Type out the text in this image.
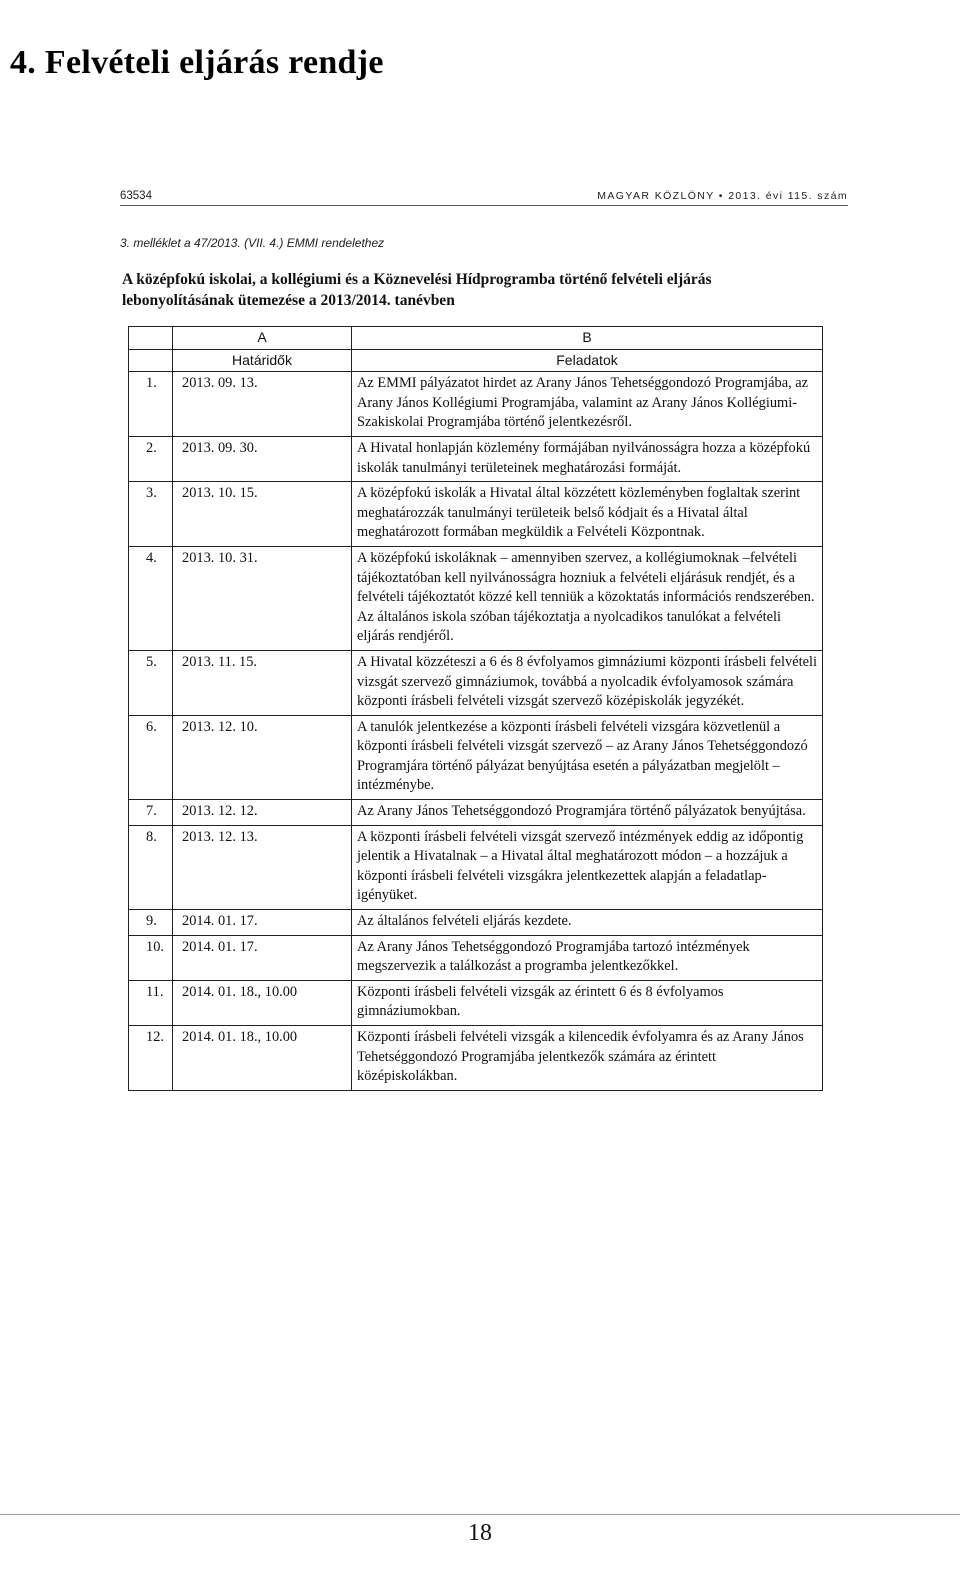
4. Felvételi eljárás rendje
63534	MAGYAR KÖZLÖNY • 2013. évi 115. szám
3. melléklet a 47/2013. (VII. 4.) EMMI rendelethez
A középfokú iskolai, a kollégiumi és a Köznevelési Hídprogramba történő felvételi eljárás lebonyolításának ütemezése a 2013/2014. tanévben
	A	B
	Határidők	Feladatok
1.	2013. 09. 13.	Az EMMI pályázatot hirdet az Arany János Tehetséggondozó Programjába, az Arany János Kollégiumi Programjába, valamint az Arany János Kollégiumi-Szakiskolai Programjába történő jelentkezésről.
2.	2013. 09. 30.	A Hivatal honlapján közlemény formájában nyilvánosságra hozza a középfokú iskolák tanulmányi területeinek meghatározási formáját.
3.	2013. 10. 15.	A középfokú iskolák a Hivatal által közzétett közleményben foglaltak szerint meghatározzák tanulmányi területeik belső kódjait és a Hivatal által meghatározott formában megküldik a Felvételi Központnak.
4.	2013. 10. 31.	A középfokú iskoláknak – amennyiben szervez, a kollégiumoknak –felvételi tájékoztatóban kell nyilvánosságra hozniuk a felvételi eljárásuk rendjét, és a felvételi tájékoztatót közzé kell tenniük a közoktatás információs rendszerében. Az általános iskola szóban tájékoztatja a nyolcadikos tanulókat a felvételi eljárás rendjéről.
5.	2013. 11. 15.	A Hivatal közzéteszi a 6 és 8 évfolyamos gimnáziumi központi írásbeli felvételi vizsgát szervező gimnáziumok, továbbá a nyolcadik évfolyamosok számára központi írásbeli felvételi vizsgát szervező középiskolák jegyzékét.
6.	2013. 12. 10.	A tanulók jelentkezése a központi írásbeli felvételi vizsgára közvetlenül a központi írásbeli felvételi vizsgát szervező – az Arany János Tehetséggondozó Programjára történő pályázat benyújtása esetén a pályázatban megjelölt – intézménybe.
7.	2013. 12. 12.	Az Arany János Tehetséggondozó Programjára történő pályázatok benyújtása.
8.	2013. 12. 13.	A központi írásbeli felvételi vizsgát szervező intézmények eddig az időpontig jelentik a Hivatalnak – a Hivatal által meghatározott módon – a hozzájuk a központi írásbeli felvételi vizsgákra jelentkezettek alapján a feladatlap-igényüket.
9.	2014. 01. 17.	Az általános felvételi eljárás kezdete.
10.	2014. 01. 17.	Az Arany János Tehetséggondozó Programjába tartozó intézmények megszervezik a találkozást a programba jelentkezőkkel.
11.	2014. 01. 18., 10.00	Központi írásbeli felvételi vizsgák az érintett 6 és 8 évfolyamos gimnáziumokban.
12.	2014. 01. 18., 10.00	Központi írásbeli felvételi vizsgák a kilencedik évfolyamra és az Arany János Tehetséggondozó Programjába jelentkezők számára az érintett középiskolákban.
18
